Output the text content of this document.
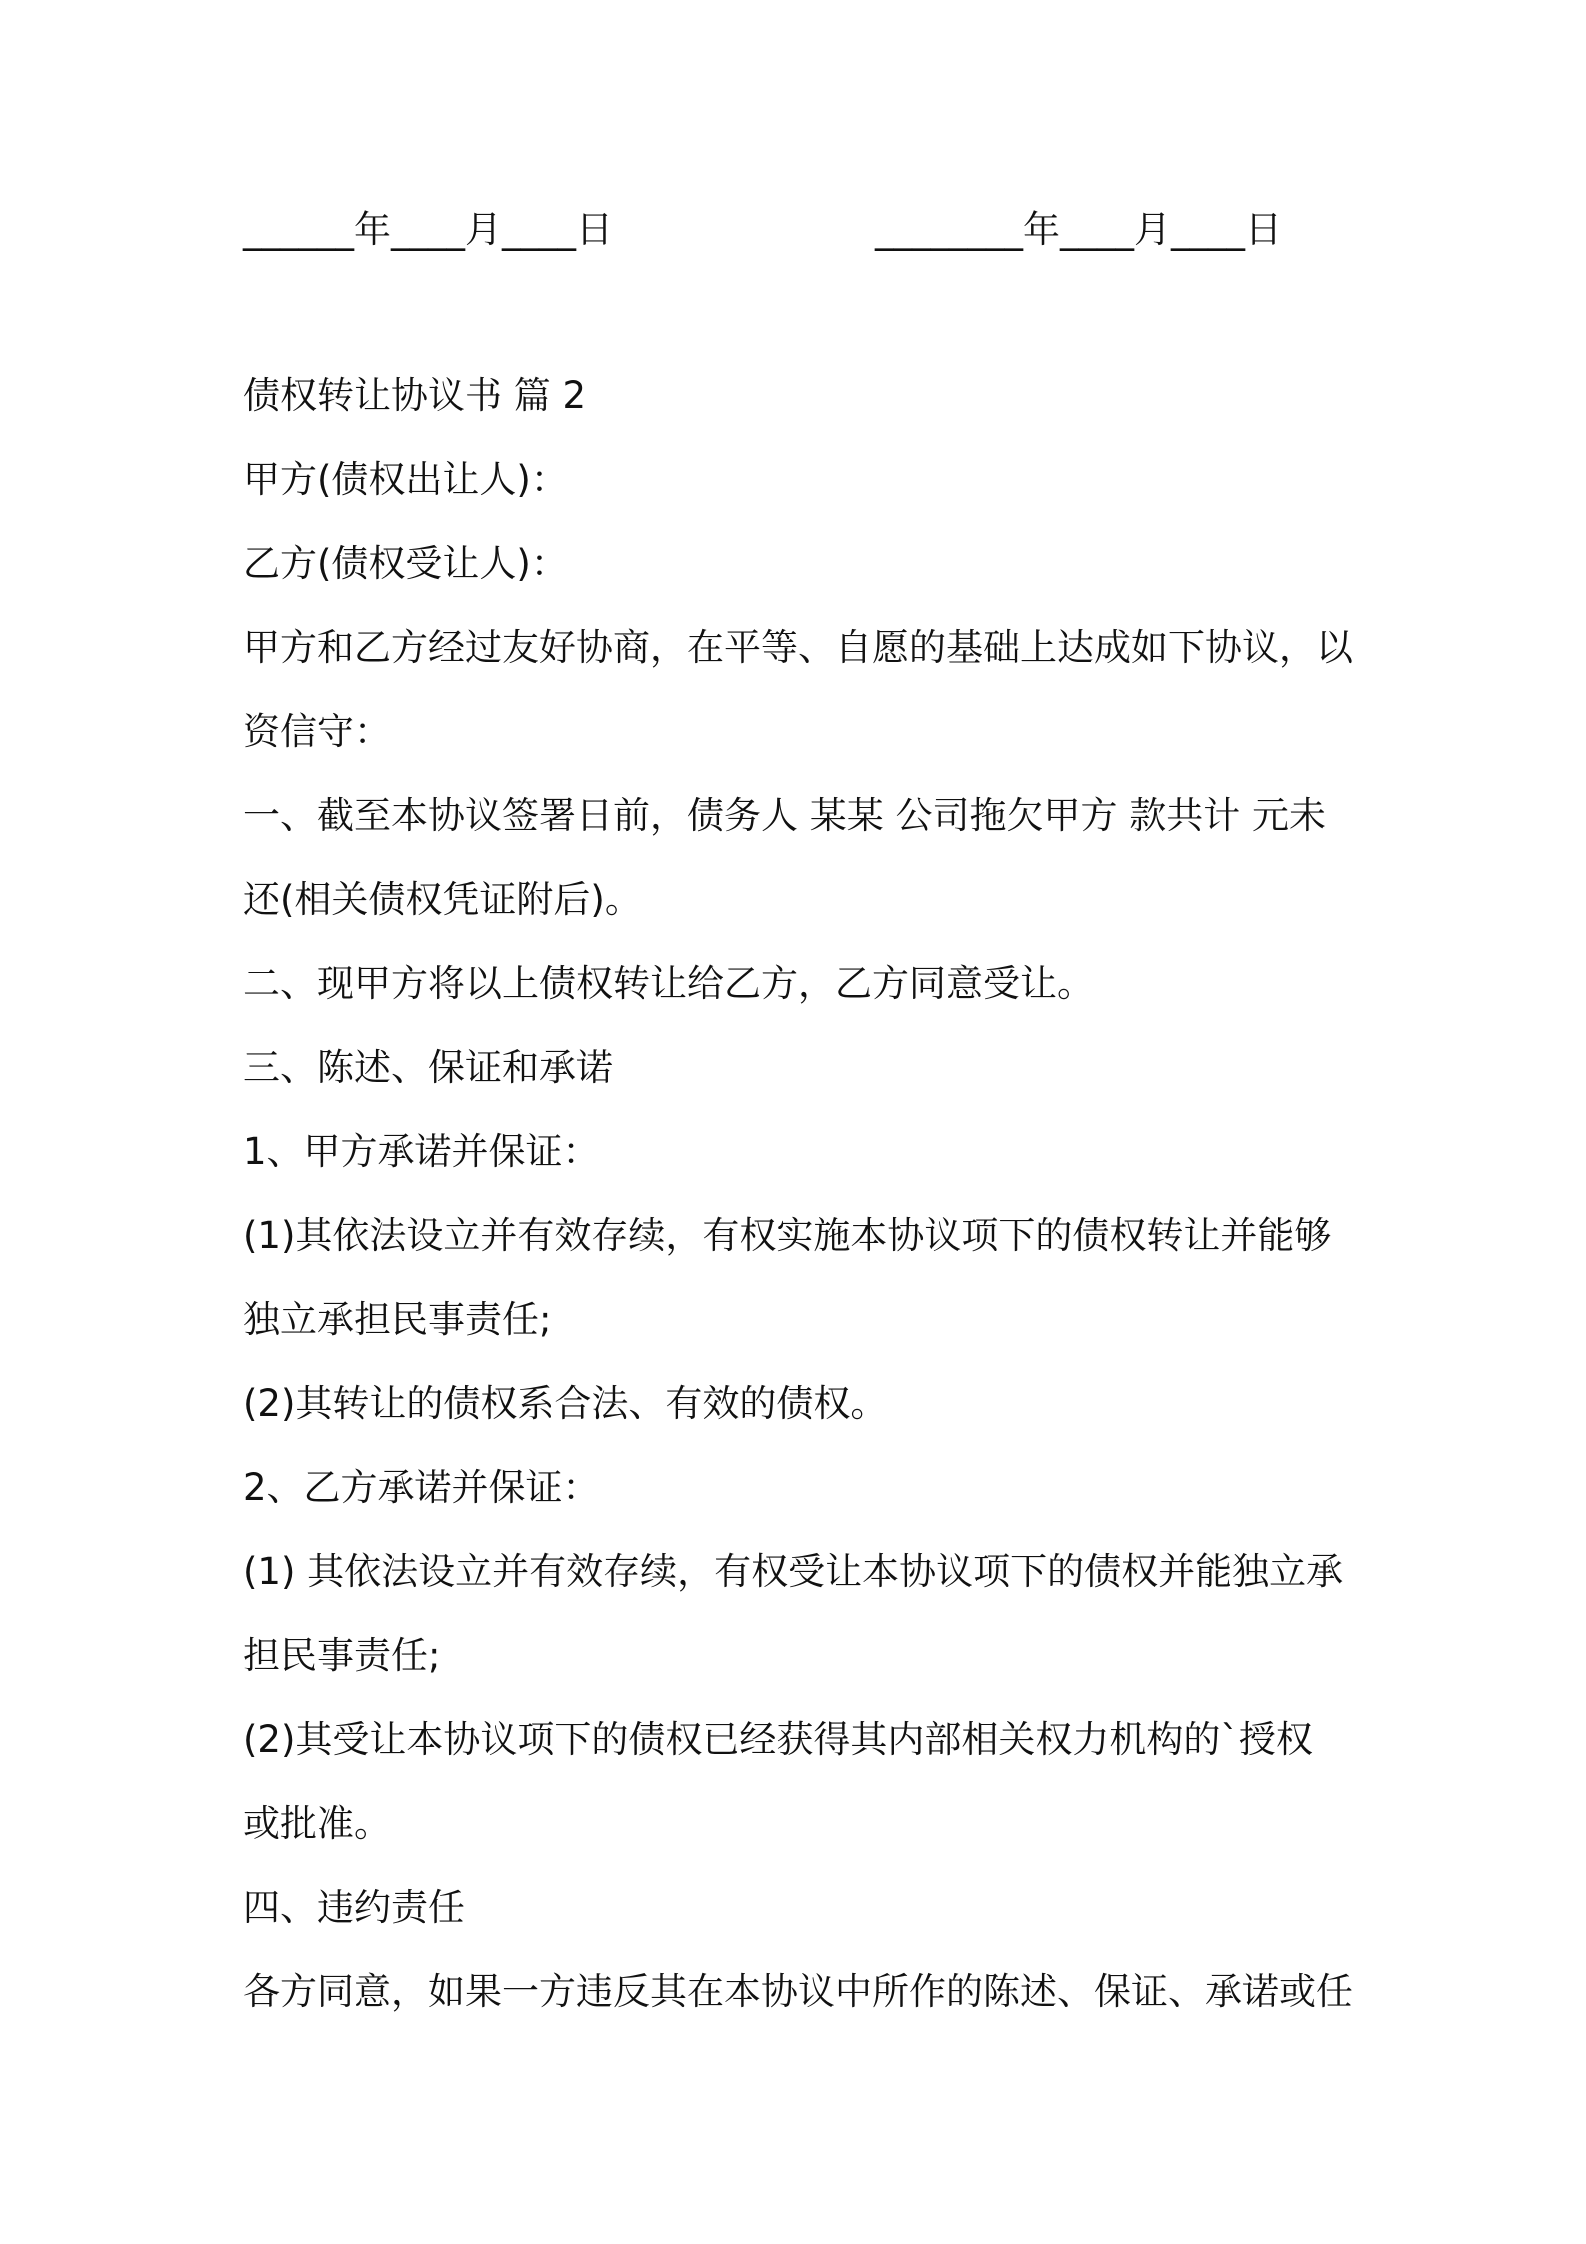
______年____月____日	________年____月____日
债权转让协议书 篇 2
甲方(债权出让人)：
乙方(债权受让人)：
甲方和乙方经过友好协商，在平等、自愿的基础上达成如下协议，以
资信守：
一、截至本协议签署日前，债务人 某某 公司拖欠甲方 款共计 元未
还(相关债权凭证附后)。
二、现甲方将以上债权转让给乙方，乙方同意受让。
三、陈述、保证和承诺
1、甲方承诺并保证：
(1)其依法设立并有效存续，有权实施本协议项下的债权转让并能够
独立承担民事责任;
(2)其转让的债权系合法、有效的债权。
2、乙方承诺并保证：
(1) 其依法设立并有效存续，有权受让本协议项下的债权并能独立承
担民事责任;
(2)其受让本协议项下的债权已经获得其内部相关权力机构的`授权
或批准。
四、违约责任
各方同意，如果一方违反其在本协议中所作的陈述、保证、承诺或任
